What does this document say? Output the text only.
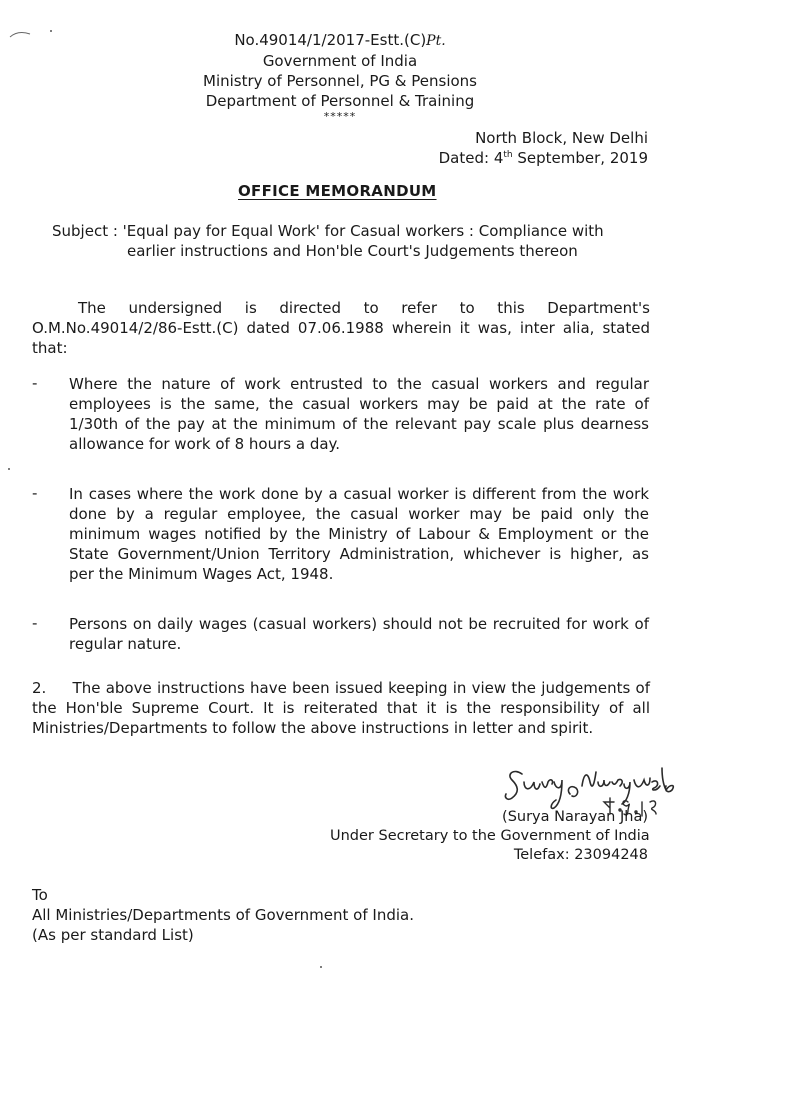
No.49014/1/2017-Estt.(C)Pt.
Government of India
Ministry of Personnel, PG & Pensions
Department of Personnel & Training
*****
North Block, New Delhi
Dated: 4th September, 2019
OFFICE MEMORANDUM
Subject : 'Equal pay for Equal Work' for Casual workers : Compliance with
earlier instructions and Hon'ble Court's Judgements thereon
The undersigned is directed to refer to this Department's O.M.No.49014/2/86-Estt.(C) dated 07.06.1988 wherein it was, inter alia, stated that:
- Where the nature of work entrusted to the casual workers and regular employees is the same, the casual workers may be paid at the rate of 1/30th of the pay at the minimum of the relevant pay scale plus dearness allowance for work of 8 hours a day.
- In cases where the work done by a casual worker is different from the work done by a regular employee, the casual worker may be paid only the minimum wages notified by the Ministry of Labour & Employment or the State Government/Union Territory Administration, whichever is higher, as per the Minimum Wages Act, 1948.
- Persons on daily wages (casual workers) should not be recruited for work of regular nature.
2.     The above instructions have been issued keeping in view the judgements of the Hon'ble Supreme Court. It is reiterated that it is the responsibility of all Ministries/Departments to follow the above instructions in letter and spirit.
(Surya Narayan Jha)
Under Secretary to the Government of India
Telefax: 23094248
To
All Ministries/Departments of Government of India.
(As per standard List)
